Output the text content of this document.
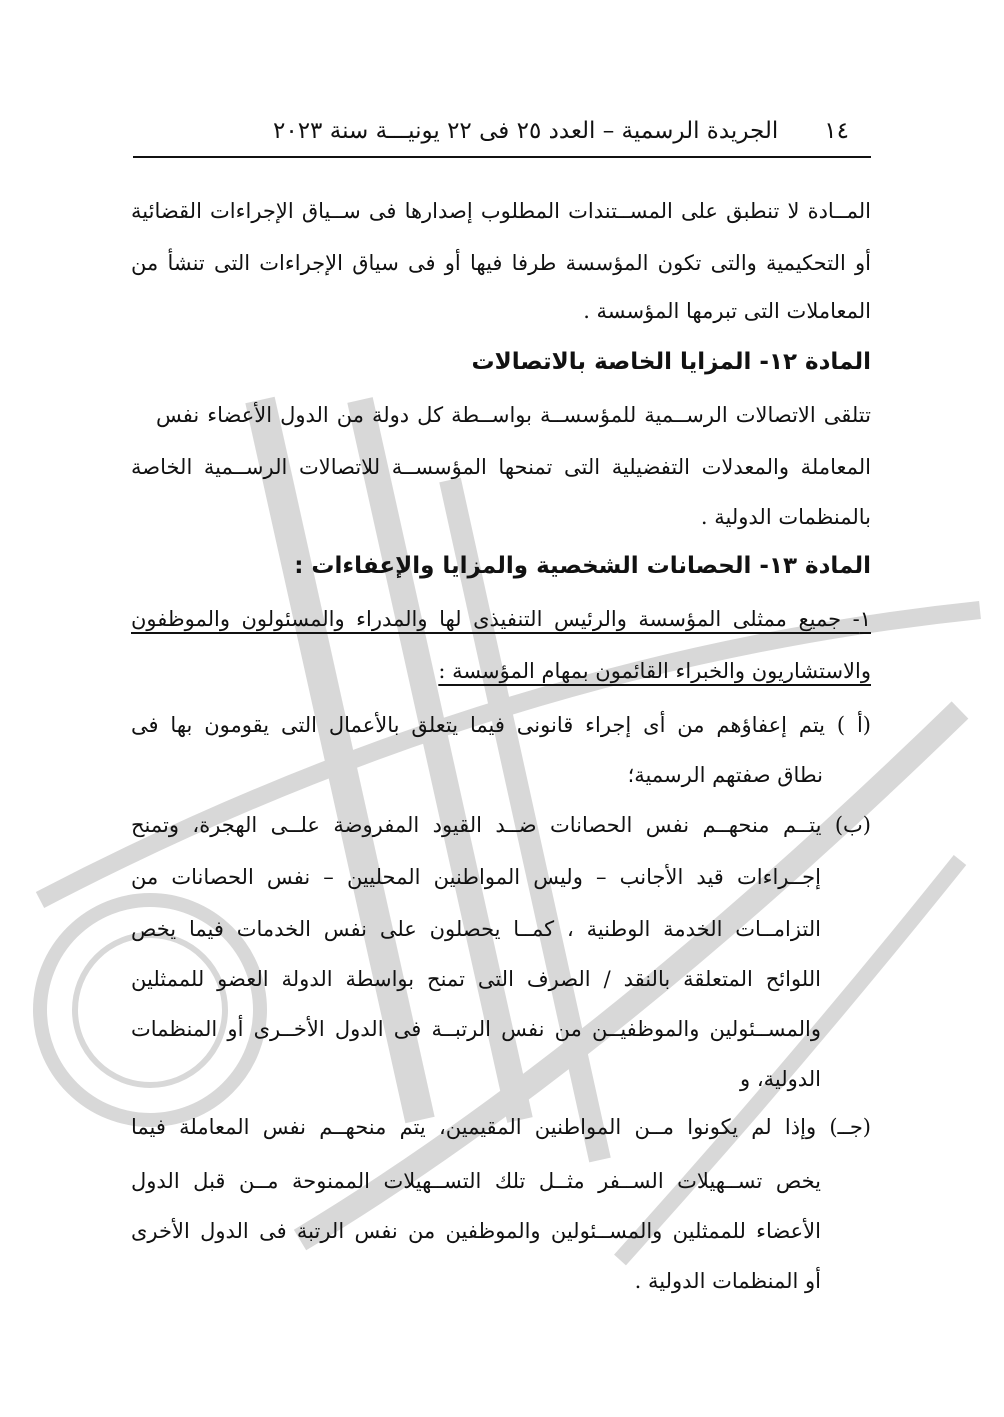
١٤
الجريدة الرسمية – العدد ٢٥ فى ٢٢ يونيـــة سنة ٢٠٢٣
المــادة لا تنطبق على المســتندات المطلوب إصدارها فى ســياق الإجراءات القضائية
أو التحكيمية والتى تكون المؤسسة طرفا فيها أو فى سياق الإجراءات التى تنشأ من
المعاملات التى تبرمها المؤسسة .
المادة ١٢- المزايا الخاصة بالاتصالات
تتلقى الاتصالات الرســمية للمؤسســة بواســطة كل دولة من الدول الأعضاء نفس
المعاملة والمعدلات التفضيلية التى تمنحها المؤسســة للاتصالات الرســمية الخاصة
بالمنظمات الدولية .
المادة ١٣- الحصانات الشخصية والمزايا والإعفاءات :
١- جميع ممثلى المؤسسة والرئيس التنفيذى لها والمدراء والمسئولون والموظفون
والاستشاريون والخبراء القائمون بمهام المؤسسة :
(أ ) يتم إعفاؤهم من أى إجراء قانونى فيما يتعلق بالأعمال التى يقومون بها فى
نطاق صفتهم الرسمية؛
(ب) يتــم منحهــم نفس الحصانات ضــد القيود المفروضة علــى الهجرة، وتمنح
إجــراءات قيد الأجانب – وليس المواطنين المحليين – نفس الحصانات من
التزامــات الخدمة الوطنية ، كمــا يحصلون على نفس الخدمات فيما يخص
اللوائح المتعلقة بالنقد / الصرف التى تمنح بواسطة الدولة العضو للممثلين
والمســئولين والموظفيــن من نفس الرتبــة فى الدول الأخــرى أو المنظمات
الدولية، و
(جــ) وإذا لم يكونوا مــن المواطنين المقيمين، يتم منحهــم نفس المعاملة فيما
يخص تســهيلات الســفر مثــل تلك التســهيلات الممنوحة مــن قبل الدول
الأعضاء للممثلين والمســئولين والموظفين من نفس الرتبة فى الدول الأخرى
أو المنظمات الدولية .
